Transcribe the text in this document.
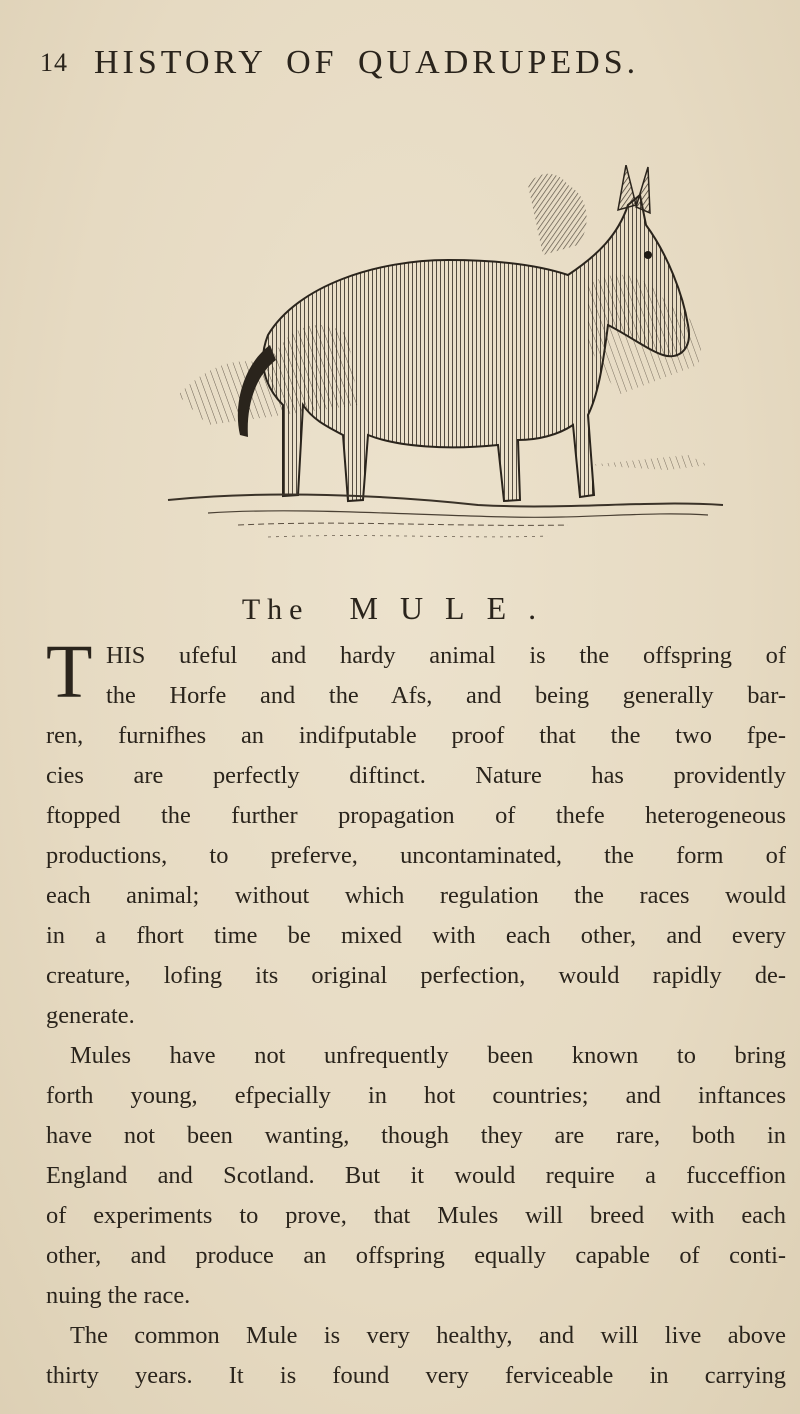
14 HISTORY OF QUADRUPEDS.
The MULE.
T HIS ufeful and hardy animal is the offspring of
the Horfe and the Afs, and being generally bar-
ren, furnifhes an indifputable proof that the two fpe-
cies are perfectly diftinct. Nature has providently
ftopped the further propagation of thefe heterogeneous
productions, to preferve, uncontaminated, the form of
each animal; without which regulation the races would
in a fhort time be mixed with each other, and every
creature, lofing its original perfection, would rapidly de-
generate.
Mules have not unfrequently been known to bring
forth young, efpecially in hot countries; and inftances
have not been wanting, though they are rare, both in
England and Scotland. But it would require a fucceffion
of experiments to prove, that Mules will breed with each
other, and produce an offspring equally capable of conti-
nuing the race.
The common Mule is very healthy, and will live above
thirty years. It is found very ferviceable in carrying
